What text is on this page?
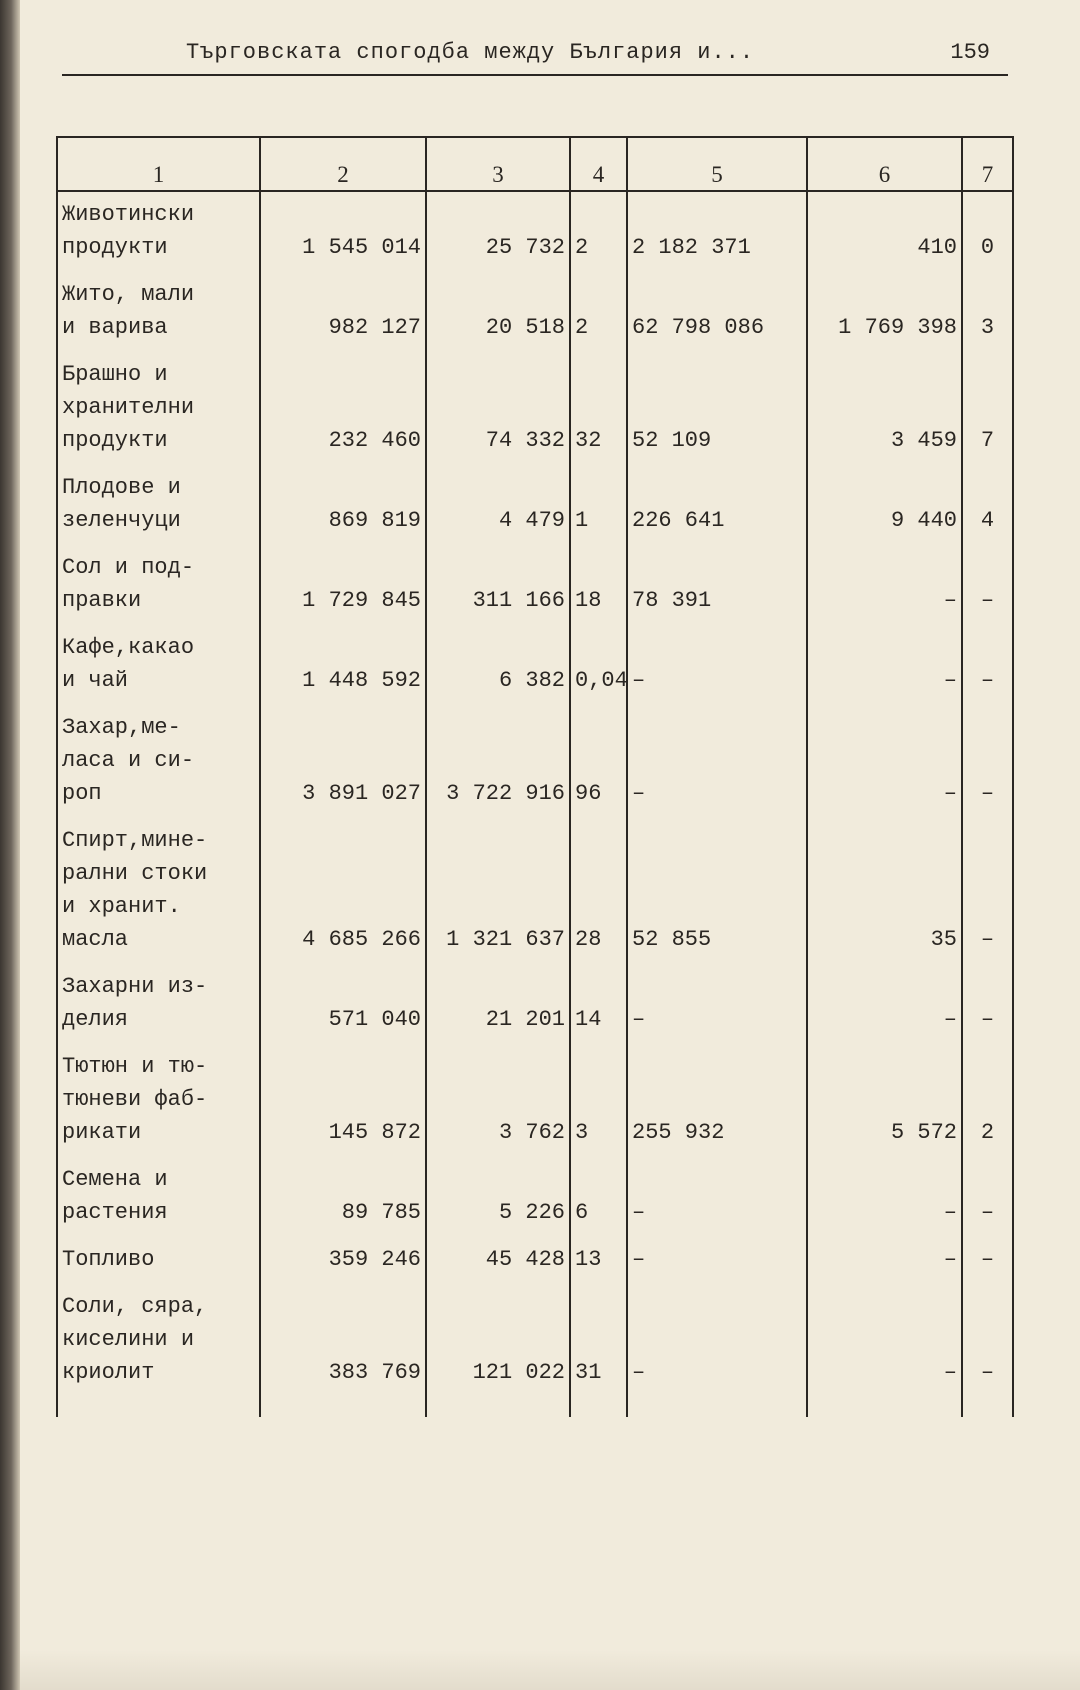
Търговската спогодба между България и...	159
1	2	3	4	5	6	7

Животински
продукти	1 545 014	25 732	2	2 182 371	410	0

Жито, мали
и варива	982 127	20 518	2	62 798 086	1 769 398	3

Брашно и
хранителни
продукти	232 460	74 332	32	52 109	3 459	7

Плодове и
зеленчуци	869 819	4 479	1	226 641	9 440	4

Сол и под-
правки	1 729 845	311 166	18	78 391	–	–

Кафе,какао
и чай	1 448 592	6 382	0,04	–	–	–

Захар,ме-
ласа и си-
роп	3 891 027	3 722 916	96	–	–	–

Спирт,мине-
рални стоки
и хранит.
масла	4 685 266	1 321 637	28	52 855	35	–

Захарни из-
делия	571 040	21 201	14	–	–	–

Тютюн и тю-
тюневи фаб-
рикати	145 872	3 762	3	255 932	5 572	2

Семена и
растения	89 785	5 226	6	–	–	–

Топливо	359 246	45 428	13	–	–	–

Соли, сяра,
киселини и
криолит	383 769	121 022	31	–	–	–
